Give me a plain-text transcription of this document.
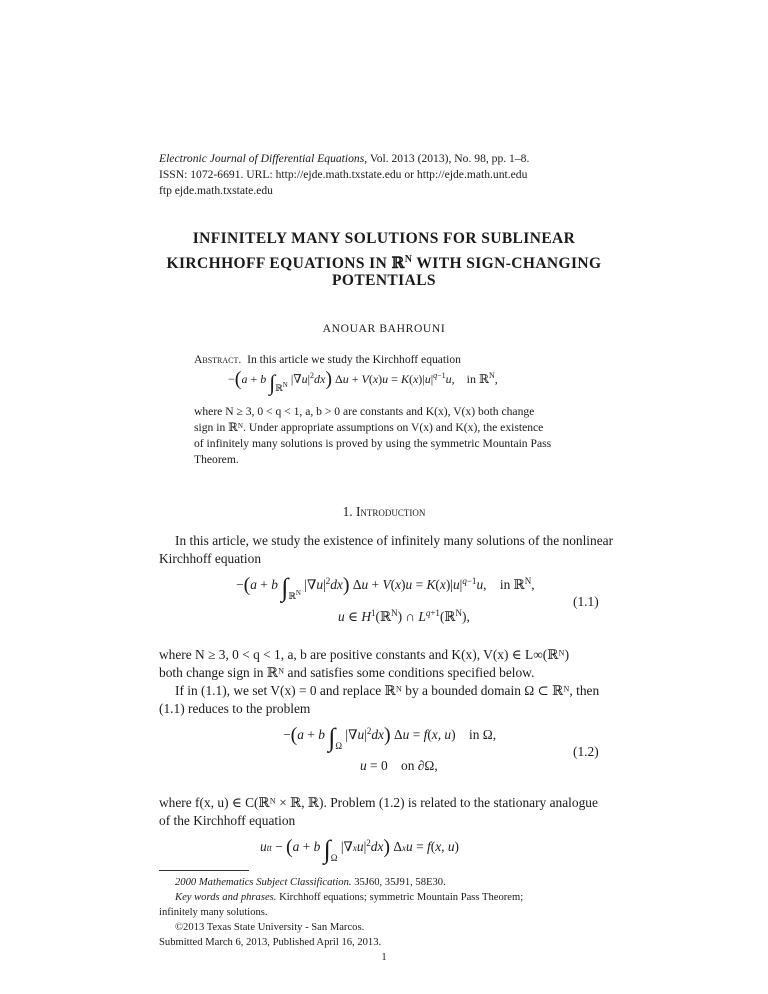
Electronic Journal of Differential Equations, Vol. 2013 (2013), No. 98, pp. 1–8.
ISSN: 1072-6691. URL: http://ejde.math.txstate.edu or http://ejde.math.unt.edu
ftp ejde.math.txstate.edu
INFINITELY MANY SOLUTIONS FOR SUBLINEAR
KIRCHHOFF EQUATIONS IN ℝ$^N$ WITH SIGN-CHANGING
POTENTIALS
ANOUAR BAHROUNI
Abstract. In this article we study the Kirchhoff equation
−(a + b $\int_{ℝ^N}$ $|\nabla u|^2dx$) $\Delta u + V(x)u = K(x)|u|^{q-1}u$,    in ℝ$^N$,
where N ≥ 3, 0 < q < 1, a, b > 0 are constants and K(x), V(x) both change
sign in ℝᴺ. Under appropriate assumptions on V(x) and K(x), the existence
of infinitely many solutions is proved by using the symmetric Mountain Pass
Theorem.
1. Introduction
In this article, we study the existence of infinitely many solutions of the nonlinear
Kirchhoff equation
−(a + b $\int_{ℝ^N}$ $|\nabla u|^2dx$) $\Delta u + V(x)u = K(x)|u|^{q-1}u$,    in ℝ$^N$,
u ∈ $H^1(ℝ^N)$ ∩ $L^{q+1}(ℝ^N)$,
(1.1)
where N ≥ 3, 0 < q < 1, a, b are positive constants and K(x), V(x) ∈ L∞(ℝᴺ)
both change sign in ℝᴺ and satisfies some conditions specified below.
If in (1.1), we set V(x) = 0 and replace ℝᴺ by a bounded domain Ω ⊂ ℝᴺ, then
(1.1) reduces to the problem
−(a + b $\int_\Omega$ $|\nabla u|^2dx$) Δu = f(x, u)    in Ω,
u = 0    on ∂Ω,
(1.2)
where f(x, u) ∈ C(ℝᴺ × ℝ, ℝ). Problem (1.2) is related to the stationary analogue
of the Kirchhoff equation
utt − (a + b $\int_\Omega$ $|\nabla xu|^2dx$) Δxu = f(x, u)
2000 Mathematics Subject Classification. 35J60, 35J91, 58E30.
Key words and phrases. Kirchhoff equations; symmetric Mountain Pass Theorem;
infinitely many solutions.
©2013 Texas State University - San Marcos.
Submitted March 6, 2013, Published April 16, 2013.
1
